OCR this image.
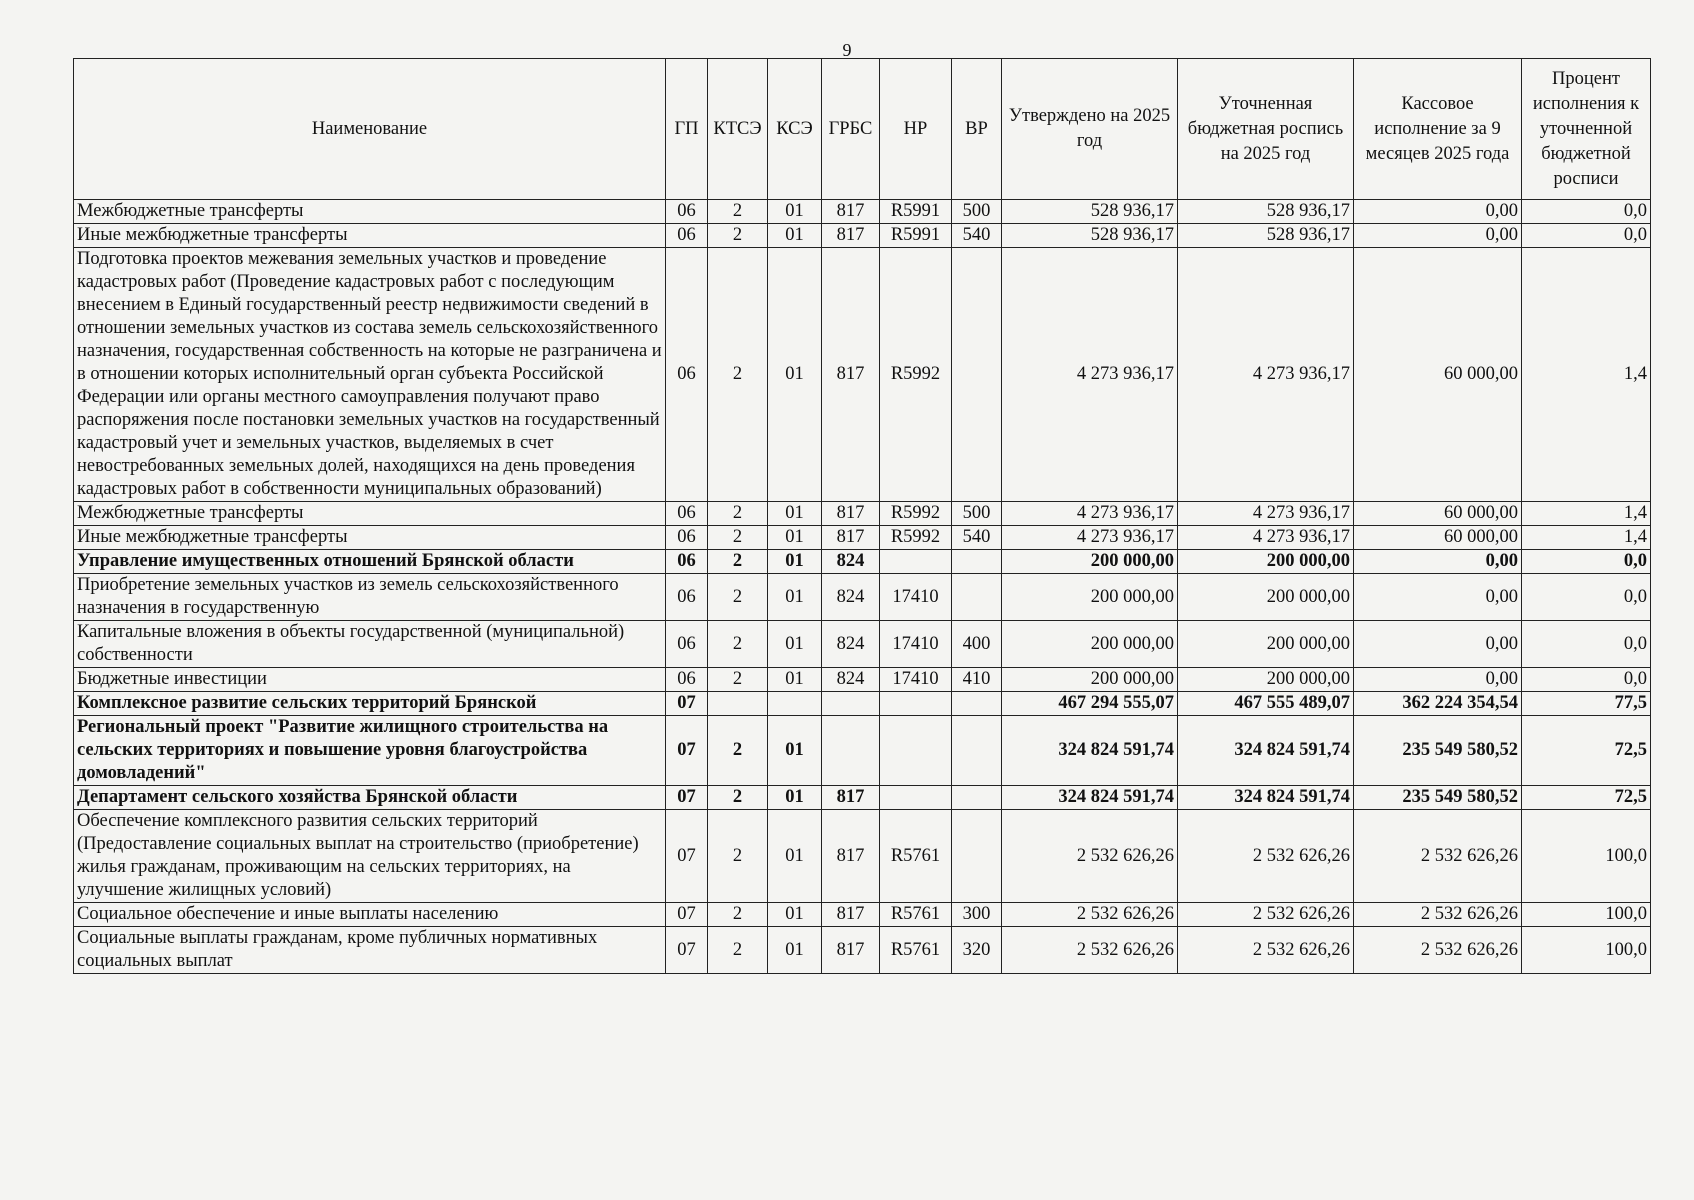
9
Наименование	ГП	КТСЭ	КСЭ	ГРБС	НР	ВР	Утверждено на 2025 год	Уточненная бюджетная роспись на 2025 год	Кассовое исполнение за 9 месяцев 2025 года	Процент исполнения к уточненной бюджетной росписи
Межбюджетные трансферты	06	2	01	817	R5991	500	528 936,17	528 936,17	0,00	0,0
Иные межбюджетные трансферты	06	2	01	817	R5991	540	528 936,17	528 936,17	0,00	0,0
Подготовка проектов межевания земельных участков и проведение кадастровых работ (Проведение кадастровых работ с последующим внесением в Единый государственный реестр недвижимости сведений в отношении земельных участков из состава земель сельскохозяйственного назначения, государственная собственность на которые не разграничена и в отношении которых исполнительный орган субъекта Российской Федерации или органы местного самоуправления получают право распоряжения после постановки земельных участков на государственный кадастровый учет и земельных участков, выделяемых в счет невостребованных земельных долей, находящихся на день проведения кадастровых работ в собственности муниципальных образований)	06	2	01	817	R5992		4 273 936,17	4 273 936,17	60 000,00	1,4
Межбюджетные трансферты	06	2	01	817	R5992	500	4 273 936,17	4 273 936,17	60 000,00	1,4
Иные межбюджетные трансферты	06	2	01	817	R5992	540	4 273 936,17	4 273 936,17	60 000,00	1,4
Управление имущественных отношений Брянской области	06	2	01	824			200 000,00	200 000,00	0,00	0,0
Приобретение земельных участков из земель сельскохозяйственного назначения в государственную	06	2	01	824	17410		200 000,00	200 000,00	0,00	0,0
Капитальные вложения в объекты государственной (муниципальной) собственности	06	2	01	824	17410	400	200 000,00	200 000,00	0,00	0,0
Бюджетные инвестиции	06	2	01	824	17410	410	200 000,00	200 000,00	0,00	0,0
Комплексное развитие сельских территорий Брянской	07						467 294 555,07	467 555 489,07	362 224 354,54	77,5
Региональный проект "Развитие жилищного строительства на сельских территориях и повышение уровня благоустройства домовладений"	07	2	01				324 824 591,74	324 824 591,74	235 549 580,52	72,5
Департамент сельского хозяйства Брянской области	07	2	01	817			324 824 591,74	324 824 591,74	235 549 580,52	72,5
Обеспечение комплексного развития сельских территорий (Предоставление социальных выплат на строительство (приобретение) жилья гражданам, проживающим на сельских территориях, на улучшение жилищных условий)	07	2	01	817	R5761		2 532 626,26	2 532 626,26	2 532 626,26	100,0
Социальное обеспечение и иные выплаты населению	07	2	01	817	R5761	300	2 532 626,26	2 532 626,26	2 532 626,26	100,0
Социальные выплаты гражданам, кроме публичных нормативных социальных выплат	07	2	01	817	R5761	320	2 532 626,26	2 532 626,26	2 532 626,26	100,0
